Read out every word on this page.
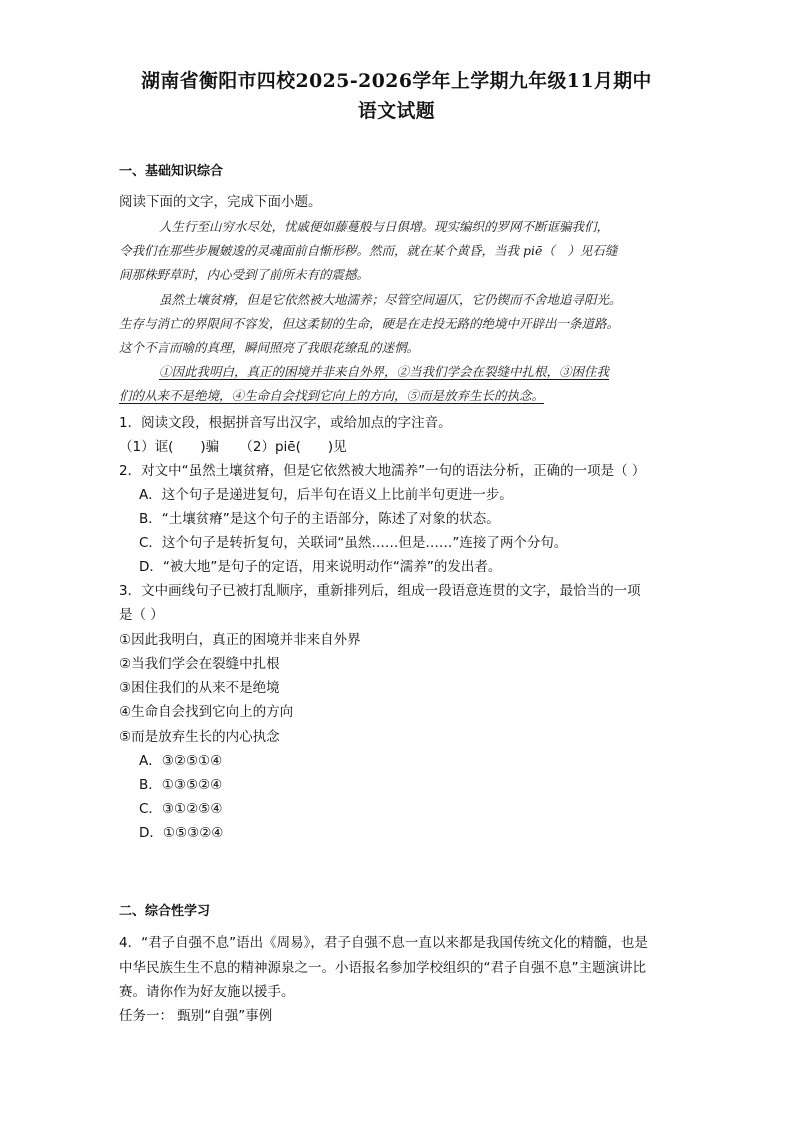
湖南省衡阳市四校2025-2026学年上学期九年级11月期中
语文试题
一、基础知识综合
阅读下面的文字，完成下面小题。
人生行至山穷水尽处，忧戚便如藤蔓般与日俱增。现实编织的罗网不断诓骗我们，
令我们在那些步履皴逡的灵魂面前自惭形秽。然而，就在某个黄昏，当我 piē（　）见石缝
间那株野草时，内心受到了前所未有的震撼。
虽然土壤贫瘠，但是它依然被大地濡养；尽管空间逼仄，它仍锲而不舍地追寻阳光。
生存与消亡的界限间不容发，但这柔韧的生命，硬是在走投无路的绝境中开辟出一条道路。
这个不言而喻的真理，瞬间照亮了我眼花缭乱的迷惘。
①因此我明白，真正的困境并非来自外界，②当我们学会在裂缝中扎根，③困住我
们的从来不是绝境，④生命自会找到它向上的方向，⑤而是放弃生长的执念。
1．阅读文段，根据拼音写出汉字，或给加点的字注音。
（1）诓(　　)骗　　（2）piē(　　)见
2．对文中“虽然土壤贫瘠，但是它依然被大地濡养”一句的语法分析，正确的一项是（ ）
A．这个句子是递进复句，后半句在语义上比前半句更进一步。
B．“土壤贫瘠”是这个句子的主语部分，陈述了对象的状态。
C．这个句子是转折复句，关联词“虽然……但是……”连接了两个分句。
D．“被大地”是句子的定语，用来说明动作“濡养”的发出者。
3．文中画线句子已被打乱顺序，重新排列后，组成一段语意连贯的文字，最恰当的一项
是（ ）
①因此我明白，真正的困境并非来自外界
②当我们学会在裂缝中扎根
③困住我们的从来不是绝境
④生命自会找到它向上的方向
⑤而是放弃生长的内心执念
A．③②⑤①④
B．①③⑤②④
C．③①②⑤④
D．①⑤③②④
二、综合性学习
4．“君子自强不息”语出《周易》，君子自强不息一直以来都是我国传统文化的精髓，也是
中华民族生生不息的精神源泉之一。小语报名参加学校组织的“君子自强不息”主题演讲比
赛。请你作为好友施以援手。
任务一： 甄别“自强”事例
